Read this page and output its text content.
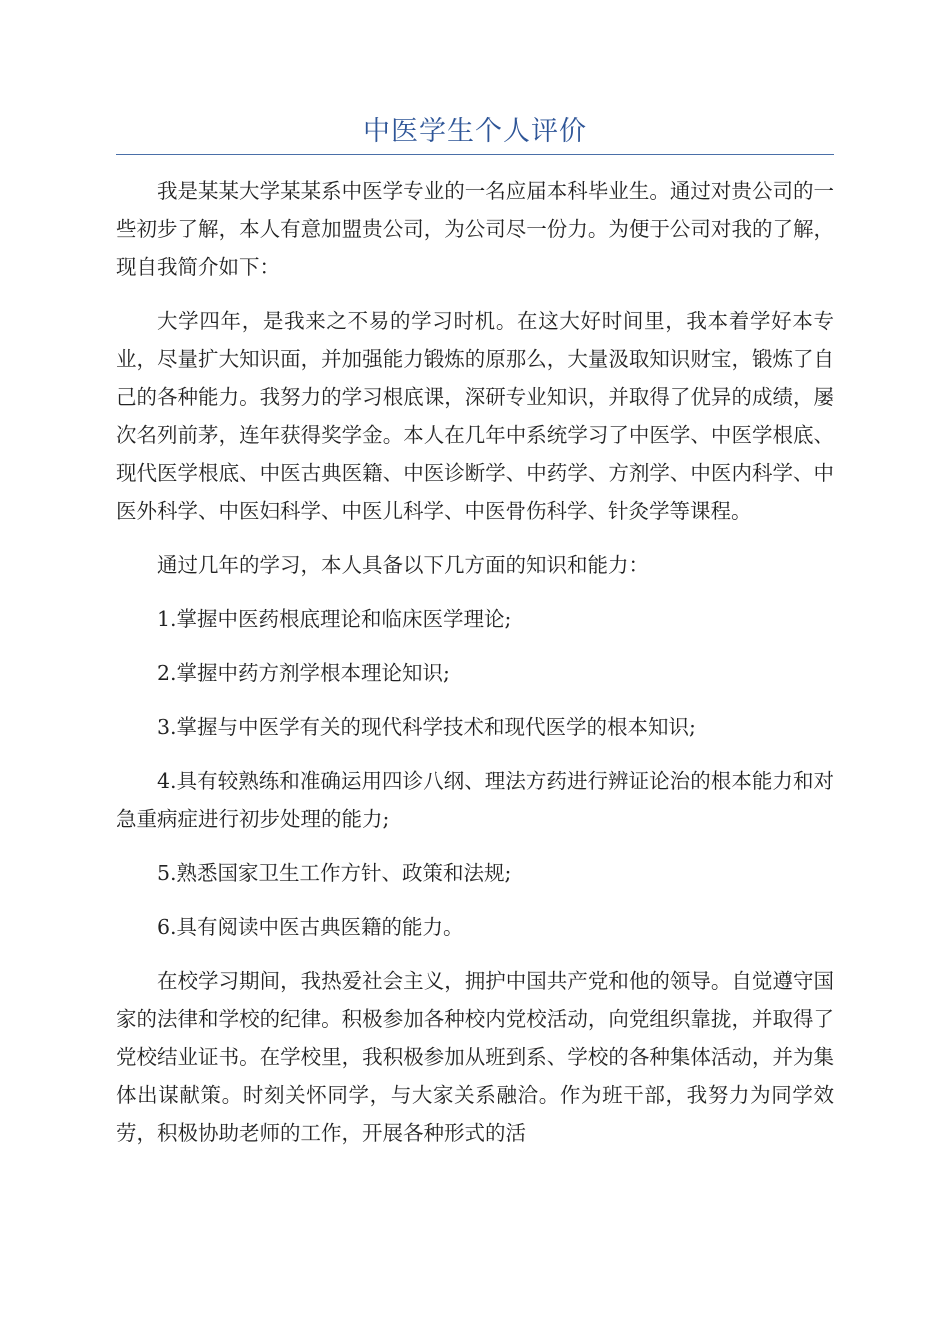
中医学生个人评价

我是某某大学某某系中医学专业的一名应届本科毕业生。通过对贵公司的一些初步了解，本人有意加盟贵公司，为公司尽一份力。为便于公司对我的了解，现自我简介如下：

大学四年，是我来之不易的学习时机。在这大好时间里，我本着学好本专业，尽量扩大知识面，并加强能力锻炼的原那么，大量汲取知识财宝，锻炼了自己的各种能力。我努力的学习根底课，深研专业知识，并取得了优异的成绩，屡次名列前茅，连年获得奖学金。本人在几年中系统学习了中医学、中医学根底、现代医学根底、中医古典医籍、中医诊断学、中药学、方剂学、中医内科学、中医外科学、中医妇科学、中医儿科学、中医骨伤科学、针灸学等课程。

通过几年的学习，本人具备以下几方面的知识和能力：

1.掌握中医药根底理论和临床医学理论;

2.掌握中药方剂学根本理论知识;

3.掌握与中医学有关的现代科学技术和现代医学的根本知识;

4.具有较熟练和准确运用四诊八纲、理法方药进行辨证论治的根本能力和对急重病症进行初步处理的能力;

5.熟悉国家卫生工作方针、政策和法规;

6.具有阅读中医古典医籍的能力。

在校学习期间，我热爱社会主义，拥护中国共产党和他的领导。自觉遵守国家的法律和学校的纪律。积极参加各种校内党校活动，向党组织靠拢，并取得了党校结业证书。在学校里，我积极参加从班到系、学校的各种集体活动，并为集体出谋献策。时刻关怀同学，与大家关系融洽。作为班干部，我努力为同学效劳，积极协助老师的工作，开展各种形式的活
